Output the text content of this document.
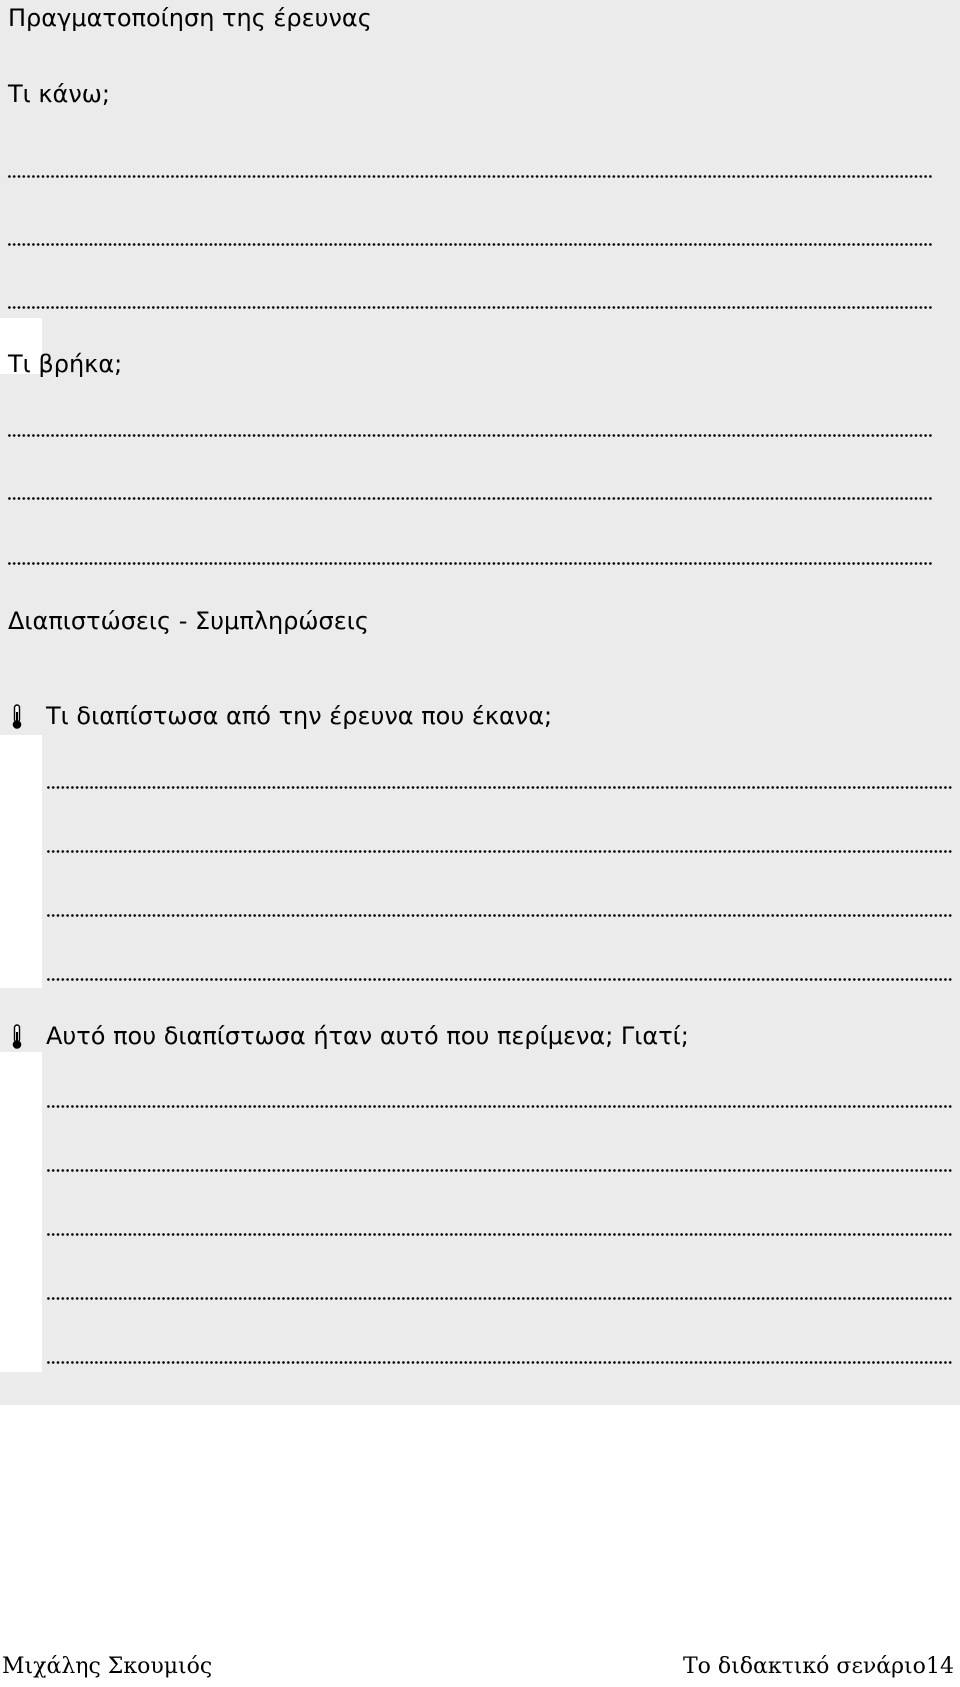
Πραγματοποίηση της έρευνας
Τι κάνω;
Τι βρήκα;
Διαπιστώσεις - Συμπληρώσεις
Τι διαπίστωσα από την έρευνα που έκανα;
Αυτό που διαπίστωσα ήταν αυτό που περίμενα; Γιατί;
Μιχάλης Σκουμιός	Το διδακτικό σενάριο 14
